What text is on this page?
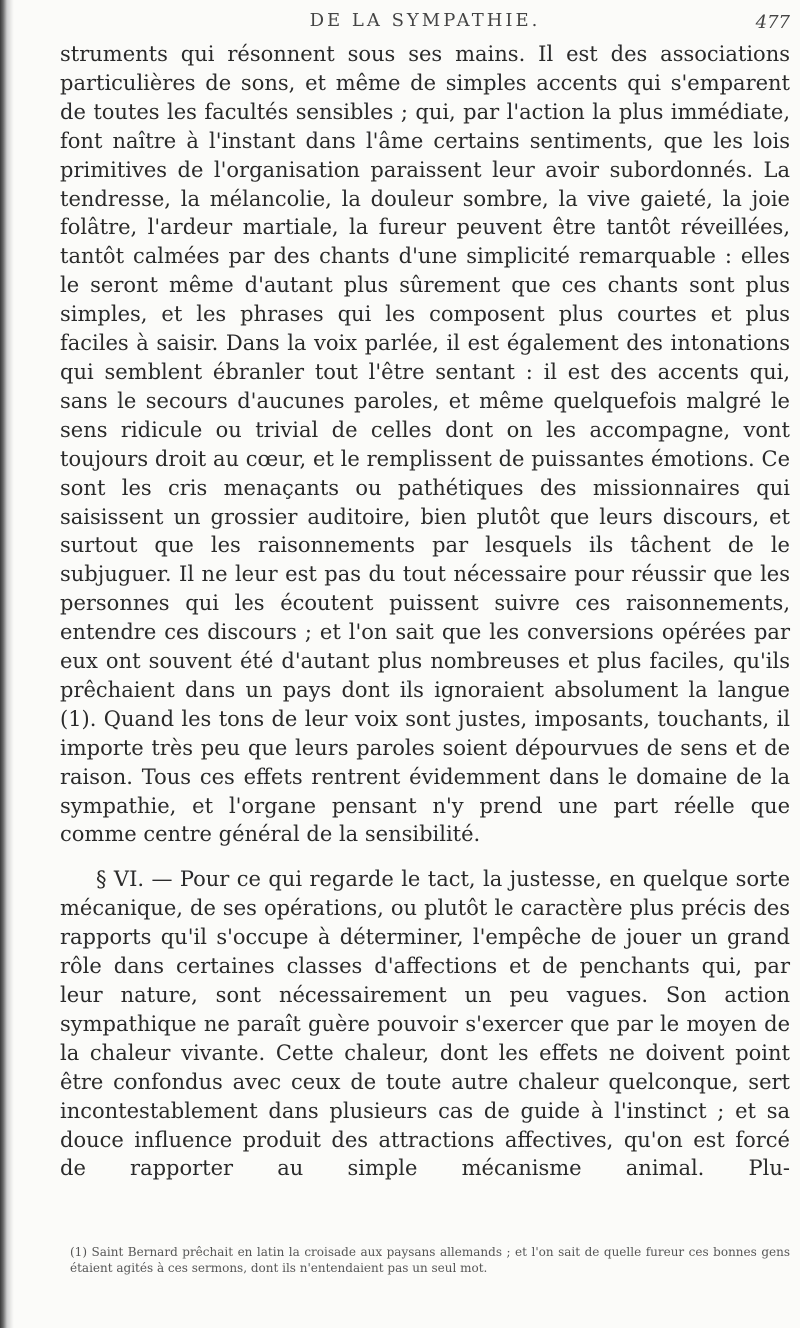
DE LA SYMPATHIE.	477

struments qui résonnent sous ses mains. Il est des associations particulières de sons, et même de simples accents qui s'emparent de toutes les facultés sensibles ; qui, par l'action la plus immédiate, font naître à l'instant dans l'âme certains sentiments, que les lois primitives de l'organisation paraissent leur avoir subordonnés. La tendresse, la mélancolie, la douleur sombre, la vive gaieté, la joie folâtre, l'ardeur martiale, la fureur peuvent être tantôt réveillées, tantôt calmées par des chants d'une simplicité remarquable : elles le seront même d'autant plus sûrement que ces chants sont plus simples, et les phrases qui les composent plus courtes et plus faciles à saisir. Dans la voix parlée, il est également des intonations qui semblent ébranler tout l'être sentant : il est des accents qui, sans le secours d'aucunes paroles, et même quelquefois malgré le sens ridicule ou trivial de celles dont on les accompagne, vont toujours droit au cœur, et le remplissent de puissantes émotions. Ce sont les cris menaçants ou pathétiques des missionnaires qui saisissent un grossier auditoire, bien plutôt que leurs discours, et surtout que les raisonnements par lesquels ils tâchent de le subjuguer. Il ne leur est pas du tout nécessaire pour réussir que les personnes qui les écoutent puissent suivre ces raisonnements, entendre ces discours ; et l'on sait que les conversions opérées par eux ont souvent été d'autant plus nombreuses et plus faciles, qu'ils prêchaient dans un pays dont ils ignoraient absolument la langue (1). Quand les tons de leur voix sont justes, imposants, touchants, il importe très peu que leurs paroles soient dépourvues de sens et de raison. Tous ces effets rentrent évidemment dans le domaine de la sympathie, et l'organe pensant n'y prend une part réelle que comme centre général de la sensibilité.

§ VI. — Pour ce qui regarde le tact, la justesse, en quelque sorte mécanique, de ses opérations, ou plutôt le caractère plus précis des rapports qu'il s'occupe à déterminer, l'empêche de jouer un grand rôle dans certaines classes d'affections et de penchants qui, par leur nature, sont nécessairement un peu vagues. Son action sympathique ne paraît guère pouvoir s'exercer que par le moyen de la chaleur vivante. Cette chaleur, dont les effets ne doivent point être confondus avec ceux de toute autre chaleur quelconque, sert incontestablement dans plusieurs cas de guide à l'instinct ; et sa douce influence produit des attractions affectives, qu'on est forcé de rapporter au simple mécanisme animal. Plu-

(1) Saint Bernard prêchait en latin la croisade aux paysans allemands ; et l'on sait de quelle fureur ces bonnes gens étaient agités à ces sermons, dont ils n'entendaient pas un seul mot.
